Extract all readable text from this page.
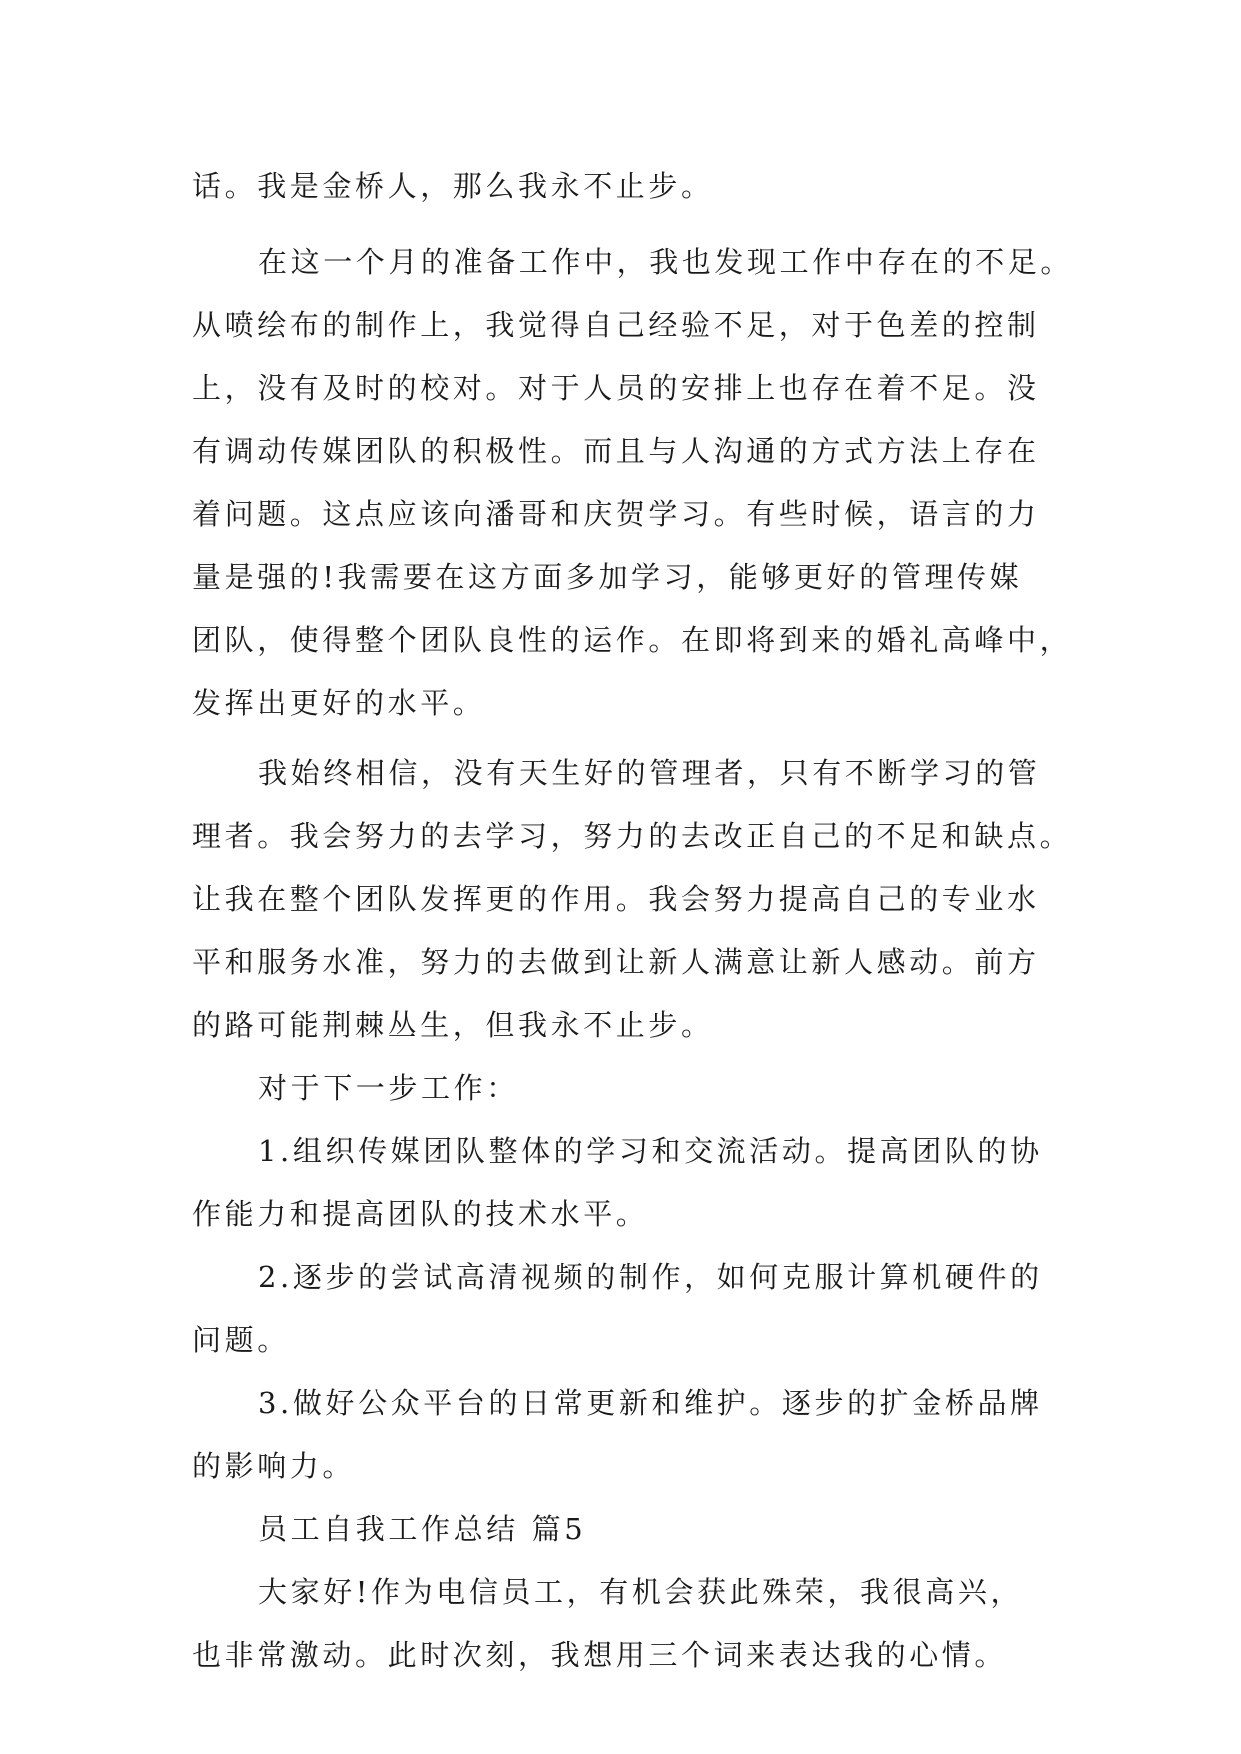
话。我是金桥人，那么我永不止步。
在这一个月的准备工作中，我也发现工作中存在的不足。
从喷绘布的制作上，我觉得自己经验不足，对于色差的控制
上，没有及时的校对。对于人员的安排上也存在着不足。没
有调动传媒团队的积极性。而且与人沟通的方式方法上存在
着问题。这点应该向潘哥和庆贺学习。有些时候，语言的力
量是强的!我需要在这方面多加学习，能够更好的管理传媒
团队，使得整个团队良性的运作。在即将到来的婚礼高峰中，
发挥出更好的水平。
我始终相信，没有天生好的管理者，只有不断学习的管
理者。我会努力的去学习，努力的去改正自己的不足和缺点。
让我在整个团队发挥更的作用。我会努力提高自己的专业水
平和服务水准，努力的去做到让新人满意让新人感动。前方
的路可能荆棘丛生，但我永不止步。
对于下一步工作：
1.组织传媒团队整体的学习和交流活动。提高团队的协
作能力和提高团队的技术水平。
2.逐步的尝试高清视频的制作，如何克服计算机硬件的
问题。
3.做好公众平台的日常更新和维护。逐步的扩金桥品牌
的影响力。
员工自我工作总结 篇5
大家好!作为电信员工，有机会获此殊荣，我很高兴，
也非常激动。此时次刻，我想用三个词来表达我的心情。
